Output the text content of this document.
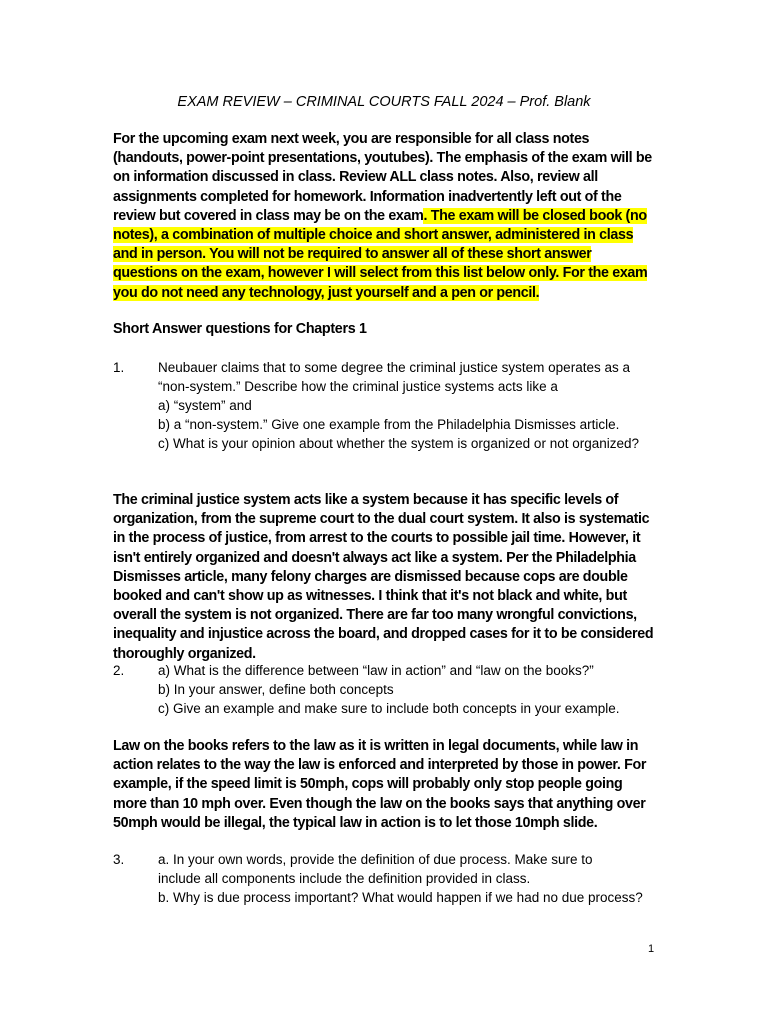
EXAM REVIEW – CRIMINAL COURTS FALL 2024 – Prof. Blank

For the upcoming exam next week, you are responsible for all class notes (handouts, power-point presentations, youtubes). The emphasis of the exam will be on information discussed in class. Review ALL class notes. Also, review all assignments completed for homework. Information inadvertently left out of the review but covered in class may be on the exam. The exam will be closed book (no notes), a combination of multiple choice and short answer, administered in class and in person. You will not be required to answer all of these short answer questions on the exam, however I will select from this list below only. For the exam you do not need any technology, just yourself and a pen or pencil.

Short Answer questions for Chapters 1

1. Neubauer claims that to some degree the criminal justice system operates as a
“non-system.” Describe how the criminal justice systems acts like a
a) “system” and
b) a “non-system.” Give one example from the Philadelphia Dismisses article.
c) What is your opinion about whether the system is organized or not organized?

The criminal justice system acts like a system because it has specific levels of organization, from the supreme court to the dual court system. It also is systematic in the process of justice, from arrest to the courts to possible jail time. However, it isn't entirely organized and doesn't always act like a system. Per the Philadelphia Dismisses article, many felony charges are dismissed because cops are double booked and can't show up as witnesses. I think that it's not black and white, but overall the system is not organized. There are far too many wrongful convictions, inequality and injustice across the board, and dropped cases for it to be considered thoroughly organized.

2. a) What is the difference between “law in action” and “law on the books?”
b) In your answer, define both concepts
c) Give an example and make sure to include both concepts in your example.

Law on the books refers to the law as it is written in legal documents, while law in action relates to the way the law is enforced and interpreted by those in power. For example, if the speed limit is 50mph, cops will probably only stop people going more than 10 mph over. Even though the law on the books says that anything over 50mph would be illegal, the typical law in action is to let those 10mph slide.

3. a. In your own words, provide the definition of due process. Make sure to
include all components include the definition provided in class.
b. Why is due process important? What would happen if we had no due process?
1
